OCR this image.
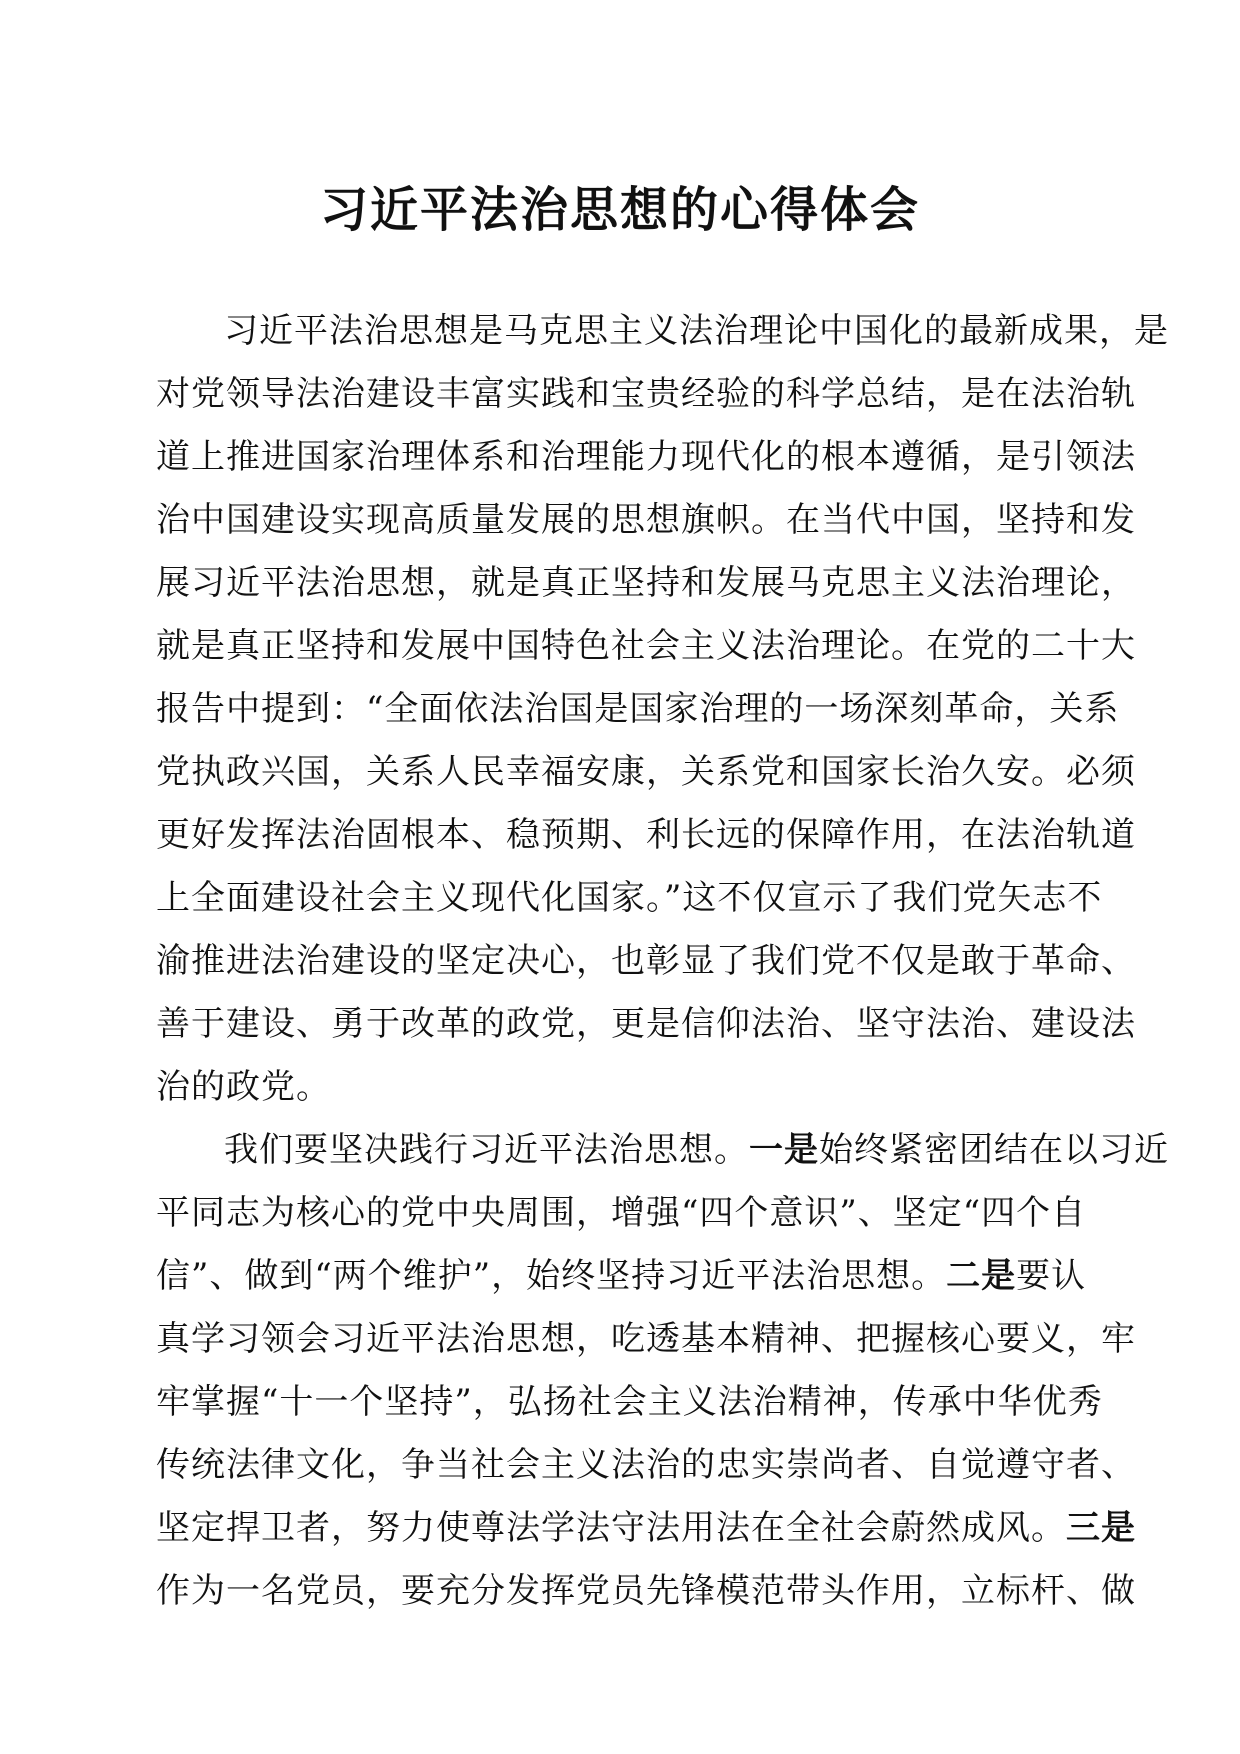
习近平法治思想的心得体会

习近平法治思想是马克思主义法治理论中国化的最新成果，是
对党领导法治建设丰富实践和宝贵经验的科学总结，是在法治轨
道上推进国家治理体系和治理能力现代化的根本遵循，是引领法
治中国建设实现高质量发展的思想旗帜。在当代中国，坚持和发
展习近平法治思想，就是真正坚持和发展马克思主义法治理论，
就是真正坚持和发展中国特色社会主义法治理论。在党的二十大
报告中提到：“全面依法治国是国家治理的一场深刻革命，关系
党执政兴国，关系人民幸福安康，关系党和国家长治久安。必须
更好发挥法治固根本、稳预期、利长远的保障作用，在法治轨道
上全面建设社会主义现代化国家。”这不仅宣示了我们党矢志不
渝推进法治建设的坚定决心，也彰显了我们党不仅是敢于革命、
善于建设、勇于改革的政党，更是信仰法治、坚守法治、建设法
治的政党。

我们要坚决践行习近平法治思想。一是始终紧密团结在以习近
平同志为核心的党中央周围，增强“四个意识”、坚定“四个自
信”、做到“两个维护”，始终坚持习近平法治思想。二是要认
真学习领会习近平法治思想，吃透基本精神、把握核心要义，牢
牢掌握“十一个坚持”，弘扬社会主义法治精神，传承中华优秀
传统法律文化，争当社会主义法治的忠实崇尚者、自觉遵守者、
坚定捍卫者，努力使尊法学法守法用法在全社会蔚然成风。三是
作为一名党员，要充分发挥党员先锋模范带头作用，立标杆、做
